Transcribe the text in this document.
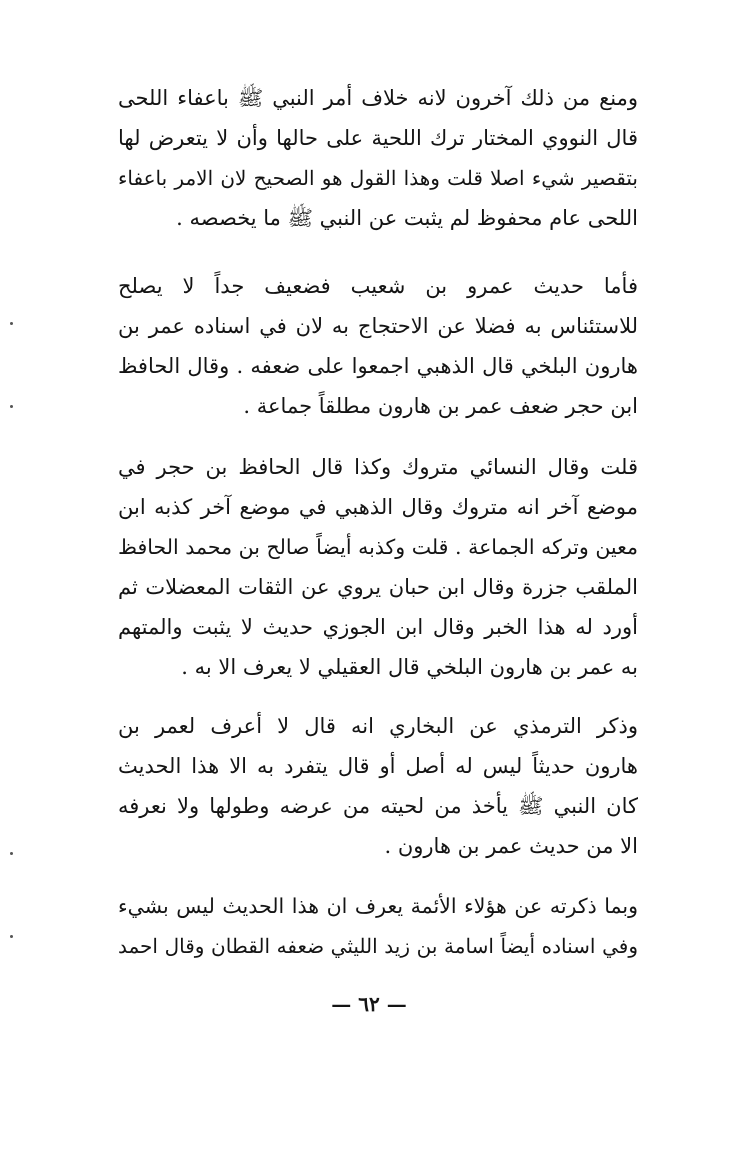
ومنع من ذلك آخرون لانه خلاف أمر النبي ﷺ باعفاء اللحى
قال النووي المختار ترك اللحية على حالها وأن لا يتعرض لها
بتقصير شيء اصلا قلت وهذا القول هو الصحيح لان الامر باعفاء
اللحى عام محفوظ لم يثبت عن النبي ﷺ ما يخصصه .
فأما حديث عمرو بن شعيب فضعيف جداً لا يصلح
للاستئناس به فضلا عن الاحتجاج به لان في اسناده عمر بن
هارون البلخي قال الذهبي اجمعوا على ضعفه . وقال الحافظ
ابن حجر ضعف عمر بن هارون مطلقاً جماعة .
قلت وقال النسائي متروك وكذا قال الحافظ بن حجر في
موضع آخر انه متروك وقال الذهبي في موضع آخر كذبه ابن
معين وتركه الجماعة . قلت وكذبه أيضاً صالح بن محمد الحافظ
الملقب جزرة وقال ابن حبان يروي عن الثقات المعضلات ثم
أورد له هذا الخبر وقال ابن الجوزي حديث لا يثبت والمتهم
به عمر بن هارون البلخي قال العقيلي لا يعرف الا به .
وذكر الترمذي عن البخاري انه قال لا أعرف لعمر بن
هارون حديثاً ليس له أصل أو قال يتفرد به الا هذا الحديث
كان النبي ﷺ يأخذ من لحيته من عرضه وطولها ولا نعرفه
الا من حديث عمر بن هارون .
وبما ذكرته عن هؤلاء الأئمة يعرف ان هذا الحديث ليس بشيء
وفي اسناده أيضاً اسامة بن زيد الليثي ضعفه القطان وقال احمد
— ٦٢ —
